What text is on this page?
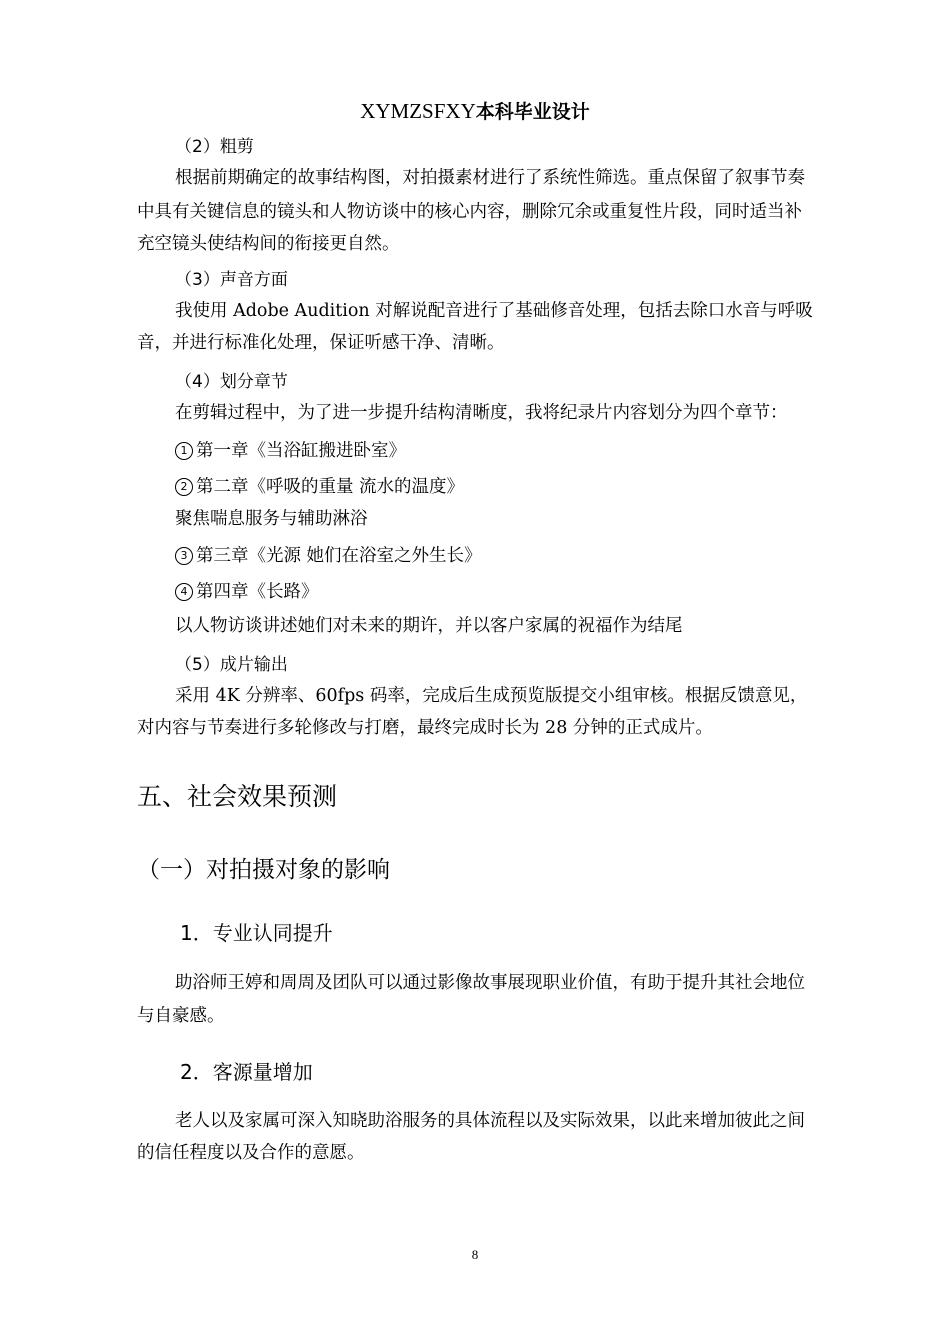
XYMZSFXY本科毕业设计
（2）粗剪
根据前期确定的故事结构图，对拍摄素材进行了系统性筛选。重点保留了叙事节奏
中具有关键信息的镜头和人物访谈中的核心内容，删除冗余或重复性片段，同时适当补
充空镜头使结构间的衔接更自然。
（3）声音方面
我使用 Adobe Audition 对解说配音进行了基础修音处理，包括去除口水音与呼吸
音，并进行标准化处理，保证听感干净、清晰。
（4）划分章节
在剪辑过程中，为了进一步提升结构清晰度，我将纪录片内容划分为四个章节：
1 第一章《当浴缸搬进卧室》
2 第二章《呼吸的重量 流水的温度》
聚焦喘息服务与辅助淋浴
3 第三章《光源 她们在浴室之外生长》
4 第四章《长路》
以人物访谈讲述她们对未来的期许，并以客户家属的祝福作为结尾
（5）成片输出
采用 4K 分辨率、60fps 码率，完成后生成预览版提交小组审核。根据反馈意见，
对内容与节奏进行多轮修改与打磨，最终完成时长为 28 分钟的正式成片。
五、社会效果预测
（一）对拍摄对象的影响
1．专业认同提升
助浴师王婷和周周及团队可以通过影像故事展现职业价值，有助于提升其社会地位
与自豪感。
2．客源量增加
老人以及家属可深入知晓助浴服务的具体流程以及实际效果，以此来增加彼此之间
的信任程度以及合作的意愿。
8
